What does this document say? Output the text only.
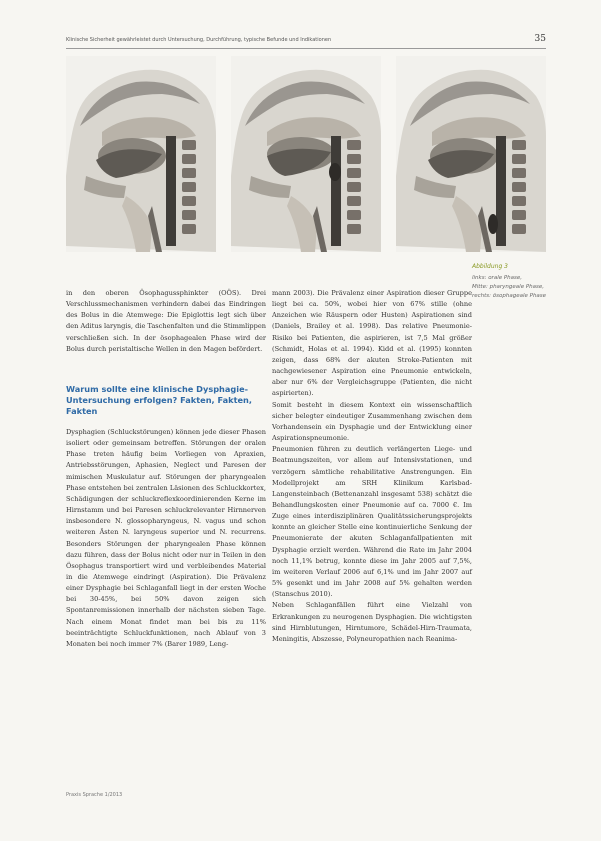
Klinische Sicherheit gewährleistet durch Untersuchung, Durchführung, typische Befunde und Indikationen	35
Abbildung 3
links: orale Phase,
Mitte: pharyngeale Phase,
rechts: ösophageale Phase
in den oberen Ösophagussphinkter (OÖS). Drei Verschlussmechanismen verhindern dabei das Eindringen des Bolus in die Atemwege: Die Epiglottis legt sich über den Aditus laryngis, die Taschenfalten und die Stimmlippen verschließen sich. In der ösophagealen Phase wird der Bolus durch peristaltische Wellen in den Magen befördert.
Warum sollte eine klinische Dysphagie-Untersuchung erfolgen? Fakten, Fakten, Fakten
Dysphagien (Schluckstörungen) können jede dieser Phasen isoliert oder gemeinsam betreffen. Störungen der oralen Phase treten häufig beim Vorliegen von Apraxien, Antriebsstörungen, Aphasien, Neglect und Paresen der mimischen Muskulatur auf. Störungen der pharyngealen Phase entstehen bei zentralen Läsionen des Schluckkortex, Schädigungen der schluckreflexkoordinierenden Kerne im Hirnstamm und bei Paresen schluckrelevanter Hirnnerven insbesondere N. glossopharyngeus, N. vagus und schon weiteren Ästen N. laryngeus superior und N. recurrens. Besonders Störungen der pharyngealen Phase können dazu führen, dass der Bolus nicht oder nur in Teilen in den Ösophagus transportiert wird und verbleibendes Material in die Atemwege eindringt (Aspiration). Die Prävalenz einer Dysphagie bei Schlaganfall liegt in der ersten Woche bei 30-45%, bei 50% davon zeigen sich Spontanremissionen innerhalb der nächsten sieben Tage. Nach einem Monat findet man bei bis zu 11% beeinträchtigte Schluckfunktionen, nach Ablauf von 3 Monaten bei noch immer 7% (Barer 1989, Leng-
mann 2003). Die Prävalenz einer Aspiration dieser Gruppe liegt bei ca. 50%, wobei hier von 67% stille (ohne Anzeichen wie Räuspern oder Husten) Aspirationen sind (Daniels, Brailey et al. 1998). Das relative Pneumonie-Risiko bei Patienten, die aspirieren, ist 7,5 Mal größer (Schmidt, Holas et al. 1994). Kidd et al. (1995) konnten zeigen, dass 68% der akuten Stroke-Patienten mit nachgewiesener Aspiration eine Pneumonie entwickeln, aber nur 6% der Vergleichsgruppe (Patienten, die nicht aspirierten).
Somit besteht in diesem Kontext ein wissenschaftlich sicher belegter eindeutiger Zusammenhang zwischen dem Vorhandensein ein Dysphagie und der Entwicklung einer Aspirationspneumonie.
Pneumonien führen zu deutlich verlängerten Liege- und Beatmungszeiten, vor allem auf Intensivstationen, und verzögern sämtliche rehabilitative Anstrengungen. Ein Modellprojekt am SRH Klinikum Karlsbad-Langensteinbach (Bettenanzahl insgesamt 538) schätzt die Behandlungskosten einer Pneumonie auf ca. 7000 €. Im Zuge eines interdisziplinären Qualitätssicherungsprojekts konnte an gleicher Stelle eine kontinuierliche Senkung der Pneumonierate der akuten Schlaganfallpatienten mit Dysphagie erzielt werden. Während die Rate im Jahr 2004 noch 11,1% betrug, konnte diese im Jahr 2005 auf 7,5%, im weiteren Verlauf 2006 auf 6,1% und im Jahr 2007 auf 5% gesenkt und im Jahr 2008 auf 5% gehalten werden (Stanschus 2010).
Neben Schlaganfällen führt eine Vielzahl von Erkrankungen zu neurogenen Dysphagien. Die wichtigsten sind Hirnblutungen, Hirntumore, Schädel-Hirn-Traumata, Meningitis, Abszesse, Polyneuropathien nach Reanima-
Praxis Sprache 1/2013
